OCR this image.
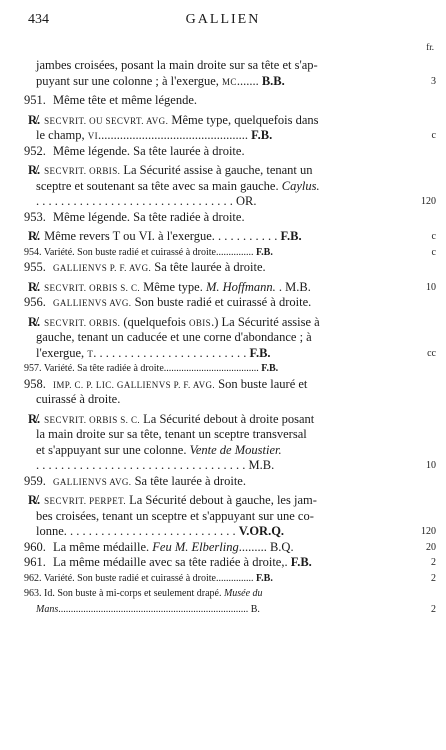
434	GALLIEN
fr.
jambes croisées, posant la main droite sur sa tête et s'ap-
puyant sur une colonne ; à l'exergue, MC....... B.B.	3
951. Même tête et même légende.
R̸. SECVRIT. OU SECVRT. AVG. Même type, quelquefois dans
le champ, VI................................................ F.B.	c
952. Même légende. Sa tête laurée à droite.
R̸. SECVRIT. ORBIS. La Sécurité assise à gauche, tenant un
sceptre et soutenant sa tête avec sa main gauche. Caylus.
. . . . . . . . . . . . . . . . . . . . . . . . . . . . . . . . OR.	120
953. Même légende. Sa tête radiée à droite.
R̸. Même revers T ou VI. à l'exergue. . . . . . . . . . . F.B.	c
954. Variété. Son buste radié et cuirassé à droite............... F.B.	c
955. GALLIENVS P. F. AVG. Sa tête laurée à droite.
R̸. SECVRIT. ORBIS S. C. Même type. M. Hoffmann. . M.B.	10
956. GALLIENVS AVG. Son buste radié et cuirassé à droite.
R̸. SECVRIT. ORBIS. (quelquefois OBIS.) La Sécurité assise à
gauche, tenant un caducée et une corne d'abondance ; à
l'exergue, T. . . . . . . . . . . . . . . . . . . . . . . . . F.B.	cc
957. Variété. Sa tête radiée à droite...................................... F.B.
958. IMP. C. P. LIC. GALLIENVS P. F. AVG. Son buste lauré et
cuirassé à droite.
R̸. SECVRIT. ORBIS S. C. La Sécurité debout à droite posant
la main droite sur sa tête, tenant un sceptre transversal
et s'appuyant sur une colonne. Vente de Moustier.
. . . . . . . . . . . . . . . . . . . . . . . . . . . . . . . . . . M.B.	10
959. GALLIENVS AVG. Sa tête laurée à droite.
R̸. SECVRIT. PERPET. La Sécurité debout à gauche, les jam-
bes croisées, tenant un sceptre et s'appuyant sur une co-
lonne. . . . . . . . . . . . . . . . . . . . . . . . . . . . V.OR.Q.	120
960. La même médaille. Feu M. Elberling......... B.Q.	20
961. La même médaille avec sa tête radiée à droite,. F.B.	2
962. Variété. Son buste radié et cuirassé à droite............... F.B.	2
963. Id. Son buste à mi-corps et seulement drapé. Musée du
Mans............................................................................ B.	2
